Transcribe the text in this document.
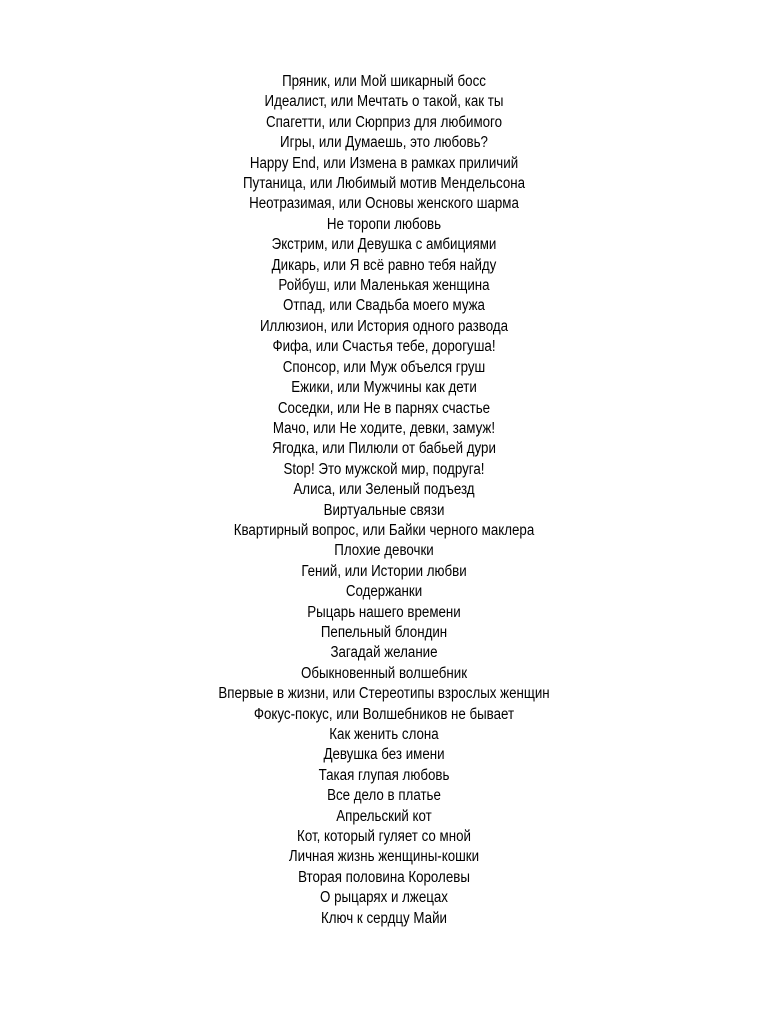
Пряник, или Мой шикарный босс
Идеалист, или Мечтать о такой, как ты
Спагетти, или Сюрприз для любимого
Игры, или Думаешь, это любовь?
Happy End, или Измена в рамках приличий
Путаница, или Любимый мотив Мендельсона
Неотразимая, или Основы женского шарма
Не торопи любовь
Экстрим, или Девушка с амбициями
Дикарь, или Я всё равно тебя найду
Ройбуш, или Маленькая женщина
Отпад, или Свадьба моего мужа
Иллюзион, или История одного развода
Фифа, или Счастья тебе, дорогуша!
Спонсор, или Муж объелся груш
Ежики, или Мужчины как дети
Соседки, или Не в парнях счастье
Мачо, или Не ходите, девки, замуж!
Ягодка, или Пилюли от бабьей дури
Stop! Это мужской мир, подруга!
Алиса, или Зеленый подъезд
Виртуальные связи
Квартирный вопрос, или Байки черного маклера
Плохие девочки
Гений, или Истории любви
Содержанки
Рыцарь нашего времени
Пепельный блондин
Загадай желание
Обыкновенный волшебник
Впервые в жизни, или Стереотипы взрослых женщин
Фокус-покус, или Волшебников не бывает
Как женить слона
Девушка без имени
Такая глупая любовь
Все дело в платье
Апрельский кот
Кот, который гуляет со мной
Личная жизнь женщины-кошки
Вторая половина Королевы
О рыцарях и лжецах
Ключ к сердцу Майи
